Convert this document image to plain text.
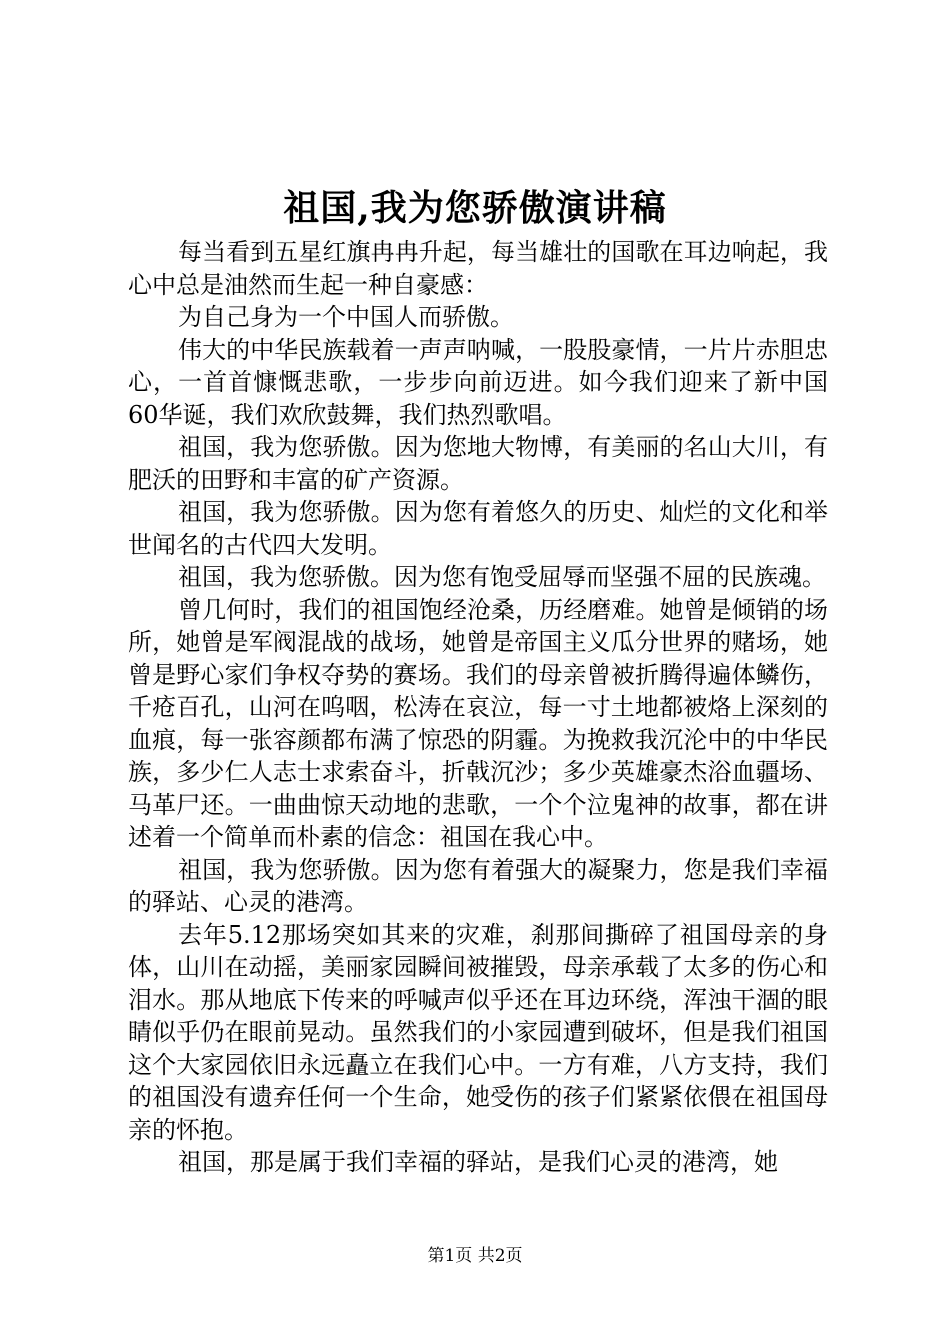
祖国,我为您骄傲演讲稿

每当看到五星红旗冉冉升起，每当雄壮的国歌在耳边响起，我心中总是油然而生起一种自豪感：

为自己身为一个中国人而骄傲。

伟大的中华民族载着一声声呐喊，一股股豪情，一片片赤胆忠心，一首首慷慨悲歌，一步步向前迈进。如今我们迎来了新中国60华诞，我们欢欣鼓舞，我们热烈歌唱。

祖国，我为您骄傲。因为您地大物博，有美丽的名山大川，有肥沃的田野和丰富的矿产资源。

祖国，我为您骄傲。因为您有着悠久的历史、灿烂的文化和举世闻名的古代四大发明。

祖国，我为您骄傲。因为您有饱受屈辱而坚强不屈的民族魂。

曾几何时，我们的祖国饱经沧桑，历经磨难。她曾是倾销的场所，她曾是军阀混战的战场，她曾是帝国主义瓜分世界的赌场，她曾是野心家们争权夺势的赛场。我们的母亲曾被折腾得遍体鳞伤，千疮百孔，山河在呜咽，松涛在哀泣，每一寸土地都被烙上深刻的血痕，每一张容颜都布满了惊恐的阴霾。为挽救我沉沦中的中华民族，多少仁人志士求索奋斗，折戟沉沙；多少英雄豪杰浴血疆场、马革尸还。一曲曲惊天动地的悲歌，一个个泣鬼神的故事，都在讲述着一个简单而朴素的信念：祖国在我心中。

祖国，我为您骄傲。因为您有着强大的凝聚力，您是我们幸福的驿站、心灵的港湾。

去年5.12那场突如其来的灾难，刹那间撕碎了祖国母亲的身体，山川在动摇，美丽家园瞬间被摧毁，母亲承载了太多的伤心和泪水。那从地底下传来的呼喊声似乎还在耳边环绕，浑浊干涸的眼睛似乎仍在眼前晃动。虽然我们的小家园遭到破坏，但是我们祖国这个大家园依旧永远矗立在我们心中。一方有难，八方支持，我们的祖国没有遗弃任何一个生命，她受伤的孩子们紧紧依偎在祖国母亲的怀抱。

祖国，那是属于我们幸福的驿站，是我们心灵的港湾，她

第1页 共2页
